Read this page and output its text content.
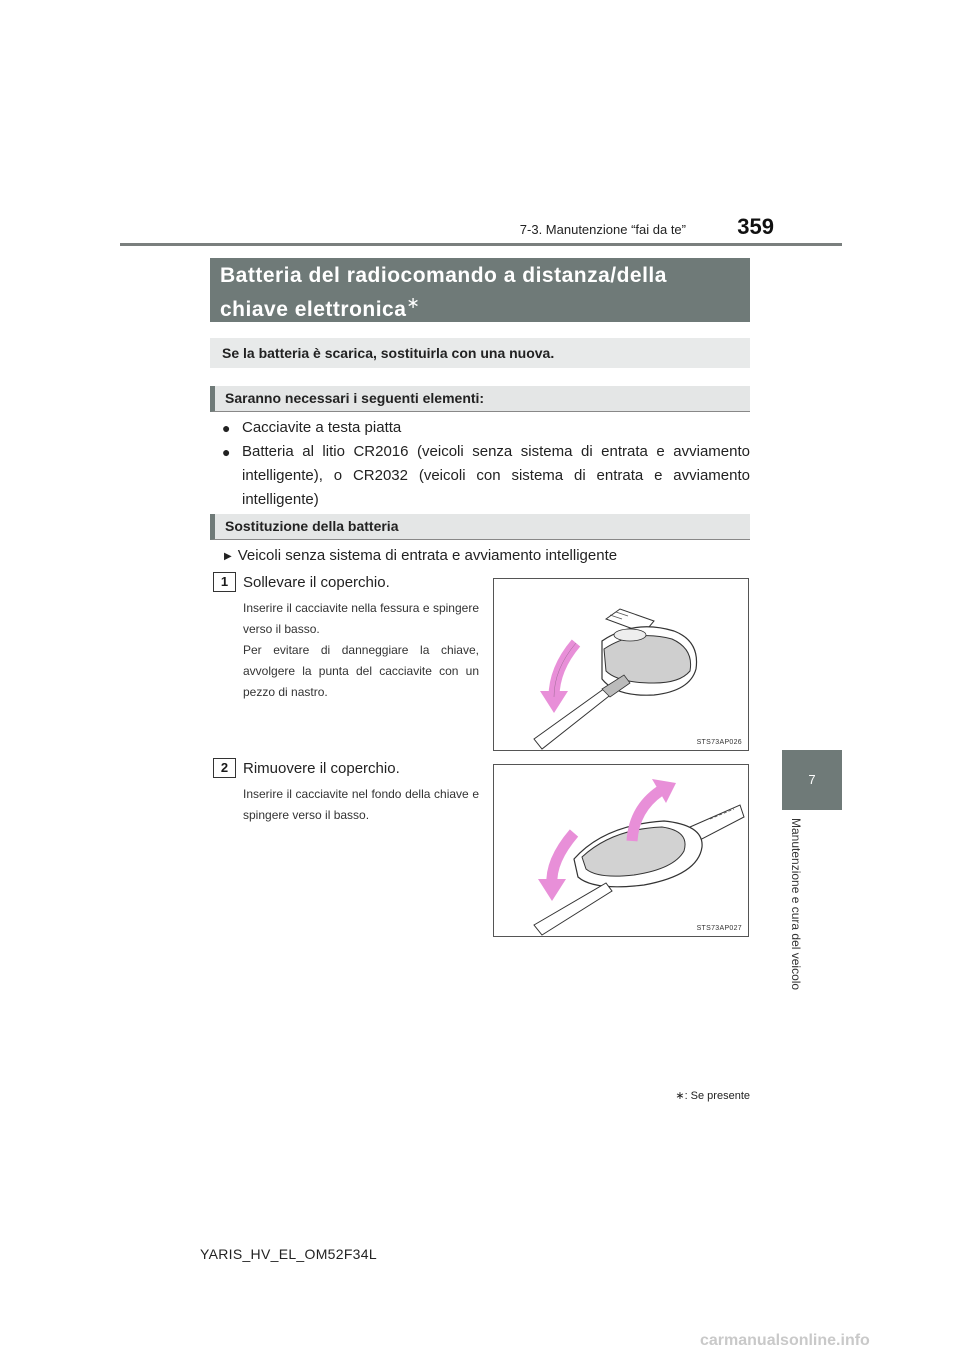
7-3. Manutenzione “fai da te”	359
7
Manutenzione e cura del veicolo
Batteria del radiocomando a distanza/della chiave elettronica∗
Se la batteria è scarica, sostituirla con una nuova.
Saranno necessari i seguenti elementi:
● Cacciavite a testa piatta
● Batteria al litio CR2016 (veicoli senza sistema di entrata e avviamento intelligente), o CR2032 (veicoli con sistema di entrata e avviamento intelligente)
Sostituzione della batteria
▶ Veicoli senza sistema di entrata e avviamento intelligente
1 Sollevare il coperchio.
Inserire il cacciavite nella fessura e spingere verso il basso.
Per evitare di danneggiare la chiave, avvolgere la punta del cacciavite con un pezzo di nastro.
STS73AP026
2 Rimuovere il coperchio.
Inserire il cacciavite nel fondo della chiave e spingere verso il basso.
STS73AP027
∗: Se presente
YARIS_HV_EL_OM52F34L
carmanualsonline.info
